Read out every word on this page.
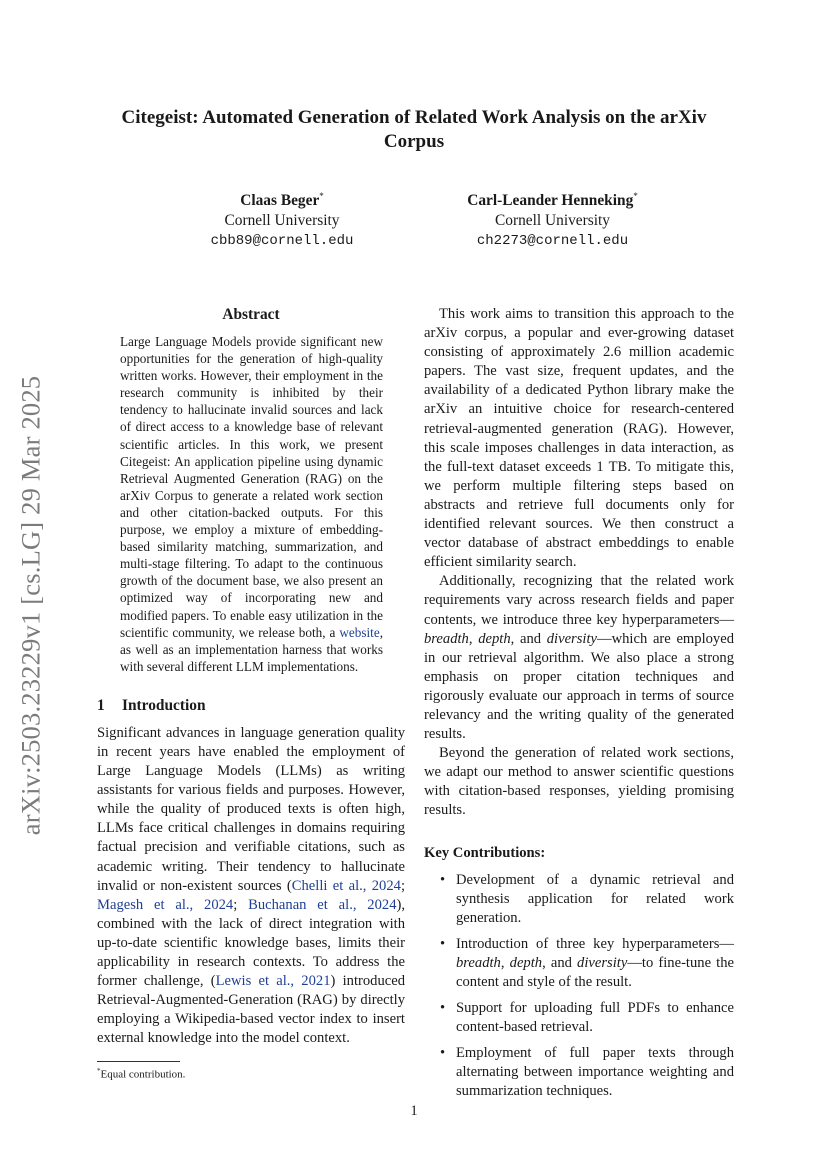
arXiv:2503.23229v1 [cs.LG] 29 Mar 2025
Citegeist: Automated Generation of Related Work Analysis on the arXiv Corpus
Claas Beger*
Cornell University
cbb89@cornell.edu
Carl-Leander Henneking*
Cornell University
ch2273@cornell.edu
Abstract

Large Language Models provide significant new opportunities for the generation of high-quality written works. However, their employment in the research community is inhibited by their tendency to hallucinate invalid sources and lack of direct access to a knowledge base of relevant scientific articles. In this work, we present Citegeist: An application pipeline using dynamic Retrieval Augmented Generation (RAG) on the arXiv Corpus to generate a related work section and other citation-backed outputs. For this purpose, we employ a mixture of embedding-based similarity matching, summarization, and multi-stage filtering. To adapt to the continuous growth of the document base, we also present an optimized way of incorporating new and modified papers. To enable easy utilization in the scientific community, we release both, a website, as well as an implementation harness that works with several different LLM implementations.

1 Introduction

Significant advances in language generation quality in recent years have enabled the employment of Large Language Models (LLMs) as writing assistants for various fields and purposes. However, while the quality of produced texts is often high, LLMs face critical challenges in domains requiring factual precision and verifiable citations, such as academic writing. Their tendency to hallucinate invalid or non-existent sources (Chelli et al., 2024; Magesh et al., 2024; Buchanan et al., 2024), combined with the lack of direct integration with up-to-date scientific knowledge bases, limits their applicability in research contexts. To address the former challenge, (Lewis et al., 2021) introduced Retrieval-Augmented-Generation (RAG) by directly employing a Wikipedia-based vector index to insert external knowledge into the model context.

This work aims to transition this approach to the arXiv corpus, a popular and ever-growing dataset consisting of approximately 2.6 million academic papers. The vast size, frequent updates, and the availability of a dedicated Python library make the arXiv an intuitive choice for research-centered retrieval-augmented generation (RAG). However, this scale imposes challenges in data interaction, as the full-text dataset exceeds 1 TB. To mitigate this, we perform multiple filtering steps based on abstracts and retrieve full documents only for identified relevant sources. We then construct a vector database of abstract embeddings to enable efficient similarity search.

Additionally, recognizing that the related work requirements vary across research fields and paper contents, we introduce three key hyperparameters—breadth, depth, and diversity—which are employed in our retrieval algorithm. We also place a strong emphasis on proper citation techniques and rigorously evaluate our approach in terms of source relevancy and the writing quality of the generated results.

Beyond the generation of related work sections, we adapt our method to answer scientific questions with citation-based responses, yielding promising results.

Key Contributions:
• Development of a dynamic retrieval and synthesis application for related work generation.
• Introduction of three key hyperparameters—breadth, depth, and diversity—to fine-tune the content and style of the result.
• Support for uploading full PDFs to enhance content-based retrieval.
• Employment of full paper texts through alternating between importance weighting and summarization techniques.
*Equal contribution.
1
